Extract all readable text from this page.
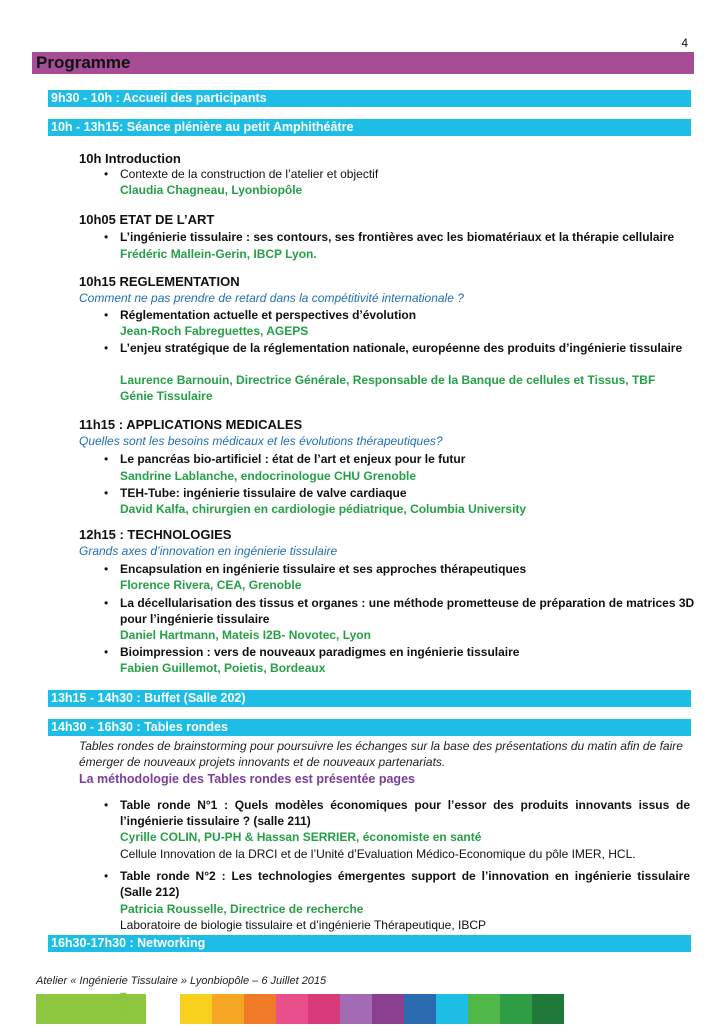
4
Programme
9h30 - 10h : Accueil des participants
10h - 13h15: Séance plénière au petit Amphithéâtre
10h Introduction
• Contexte de la construction de l’atelier et objectif
Claudia Chagneau, Lyonbiopôle
10h05 ETAT DE L’ART
• L’ingénierie tissulaire : ses contours, ses frontières avec les biomatériaux et la thérapie cellulaire
Frédéric Mallein-Gerin, IBCP Lyon.
10h15 REGLEMENTATION
Comment ne pas prendre de retard dans la compétitivité internationale ?
• Réglementation actuelle et perspectives d’évolution
Jean-Roch Fabreguettes, AGEPS
• L’enjeu stratégique de la réglementation nationale, européenne des produits d’ingénierie tissulaire
Laurence Barnouin, Directrice Générale, Responsable de la Banque de cellules et Tissus, TBF Génie Tissulaire
11h15 : APPLICATIONS MEDICALES
Quelles sont les besoins médicaux et les évolutions thérapeutiques?
• Le pancréas bio-artificiel : état de l’art et enjeux pour le futur
Sandrine Lablanche, endocrinologue CHU Grenoble
• TEH-Tube: ingénierie tissulaire de valve cardiaque
David Kalfa, chirurgien en cardiologie pédiatrique, Columbia University
12h15 : TECHNOLOGIES
Grands axes d’innovation en ingénierie tissulaire
• Encapsulation en ingénierie tissulaire et ses approches thérapeutiques
Florence Rivera, CEA, Grenoble
• La décellularisation des tissus et organes : une méthode prometteuse de préparation de matrices 3D pour l’ingénierie tissulaire
Daniel Hartmann, Mateis I2B- Novotec, Lyon
• Bioimpression : vers de nouveaux paradigmes en ingénierie tissulaire
Fabien Guillemot, Poietis, Bordeaux
13h15 - 14h30 : Buffet (Salle 202)
14h30 - 16h30 : Tables rondes
Tables rondes de brainstorming pour poursuivre les échanges sur la base des présentations du matin afin de faire émerger de nouveaux projets innovants et de nouveaux partenariats.
La méthodologie des Tables rondes est présentée pages
• Table ronde N°1 : Quels modèles économiques pour l’essor des produits innovants issus de l’ingénierie tissulaire ? (salle 211)
Cyrille COLIN, PU-PH & Hassan SERRIER, économiste en santé
Cellule Innovation de la DRCI et de l’Unité d’Evaluation Médico-Economique du pôle IMER, HCL.
• Table ronde N°2 : Les technologies émergentes support de l’innovation en ingénierie tissulaire (Salle 212)
Patricia Rousselle, Directrice de recherche
Laboratoire de biologie tissulaire et d’ingénierie Thérapeutique, IBCP
16h30-17h30 : Networking
Atelier « Ingénierie Tissulaire » Lyonbiopôle – 6 Juillet 2015
1
